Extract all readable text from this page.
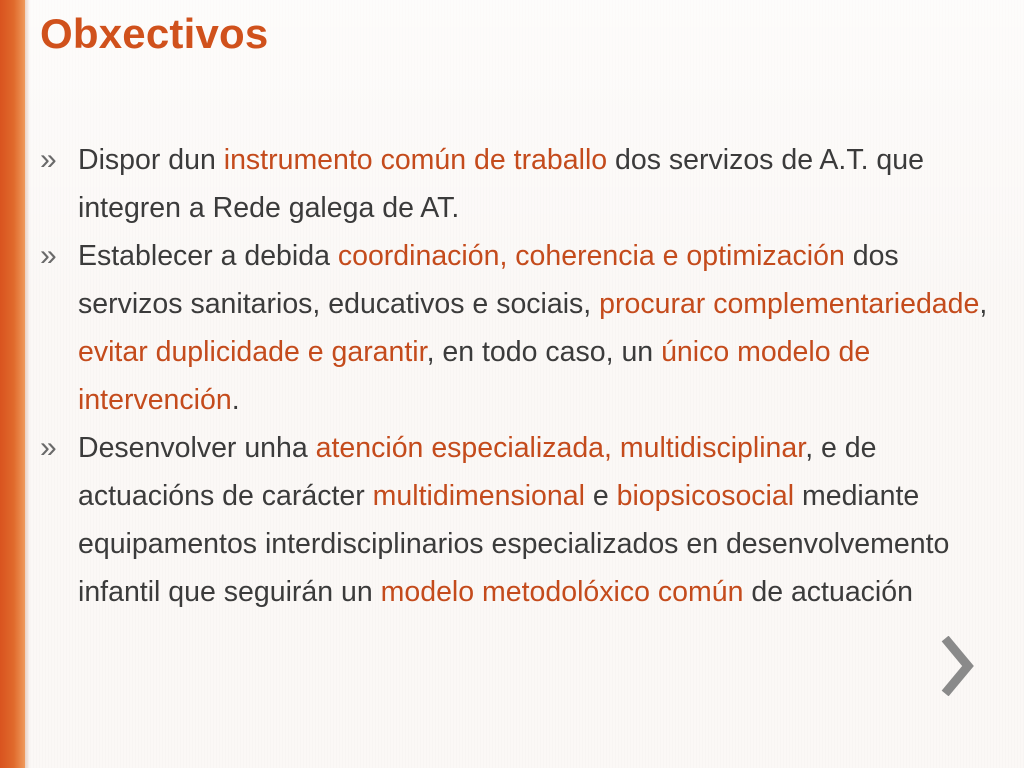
Obxectivos
» Dispor dun instrumento común de traballo dos servizos de A.T. que integren a Rede galega de AT.
» Establecer a debida coordinación, coherencia e optimización dos servizos sanitarios, educativos e sociais, procurar complementariedade, evitar duplicidade e garantir, en todo caso, un único modelo de intervención.
» Desenvolver unha atención especializada, multidisciplinar, e de actuacións de carácter multidimensional e biopsicosocial mediante equipamentos interdisciplinarios especializados en desenvolvemento infantil que seguirán un modelo metodolóxico común de actuación
